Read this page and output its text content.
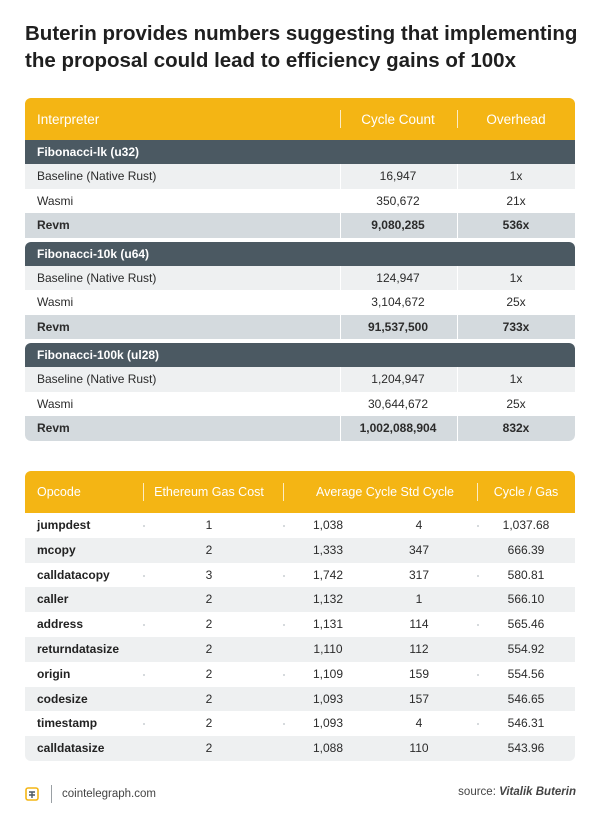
Buterin provides numbers suggesting that implementing
the proposal could lead to efficiency gains of 100x
Interpreter	Cycle Count	Overhead
Fibonacci-lk (u32)
Baseline (Native Rust)	16,947	1x
Wasmi	350,672	21x
Revm	9,080,285	536x
Fibonacci-10k (u64)
Baseline (Native Rust)	124,947	1x
Wasmi	3,104,672	25x
Revm	91,537,500	733x
Fibonacci-100k (ul28)
Baseline (Native Rust)	1,204,947	1x
Wasmi	30,644,672	25x
Revm	1,002,088,904	832x
Opcode	Ethereum Gas Cost	Average Cycle Std Cycle	Cycle / Gas
jumpdest	1	1,038	4	1,037.68
mcopy	2	1,333	347	666.39
calldatacopy	3	1,742	317	580.81
caller	2	1,132	1	566.10
address	2	1,131	114	565.46
returndatasize	2	1,110	112	554.92
origin	2	1,109	159	554.56
codesize	2	1,093	157	546.65
timestamp	2	1,093	4	546.31
calldatasize	2	1,088	110	543.96
cointelegraph.com	source: Vitalik Buterin
